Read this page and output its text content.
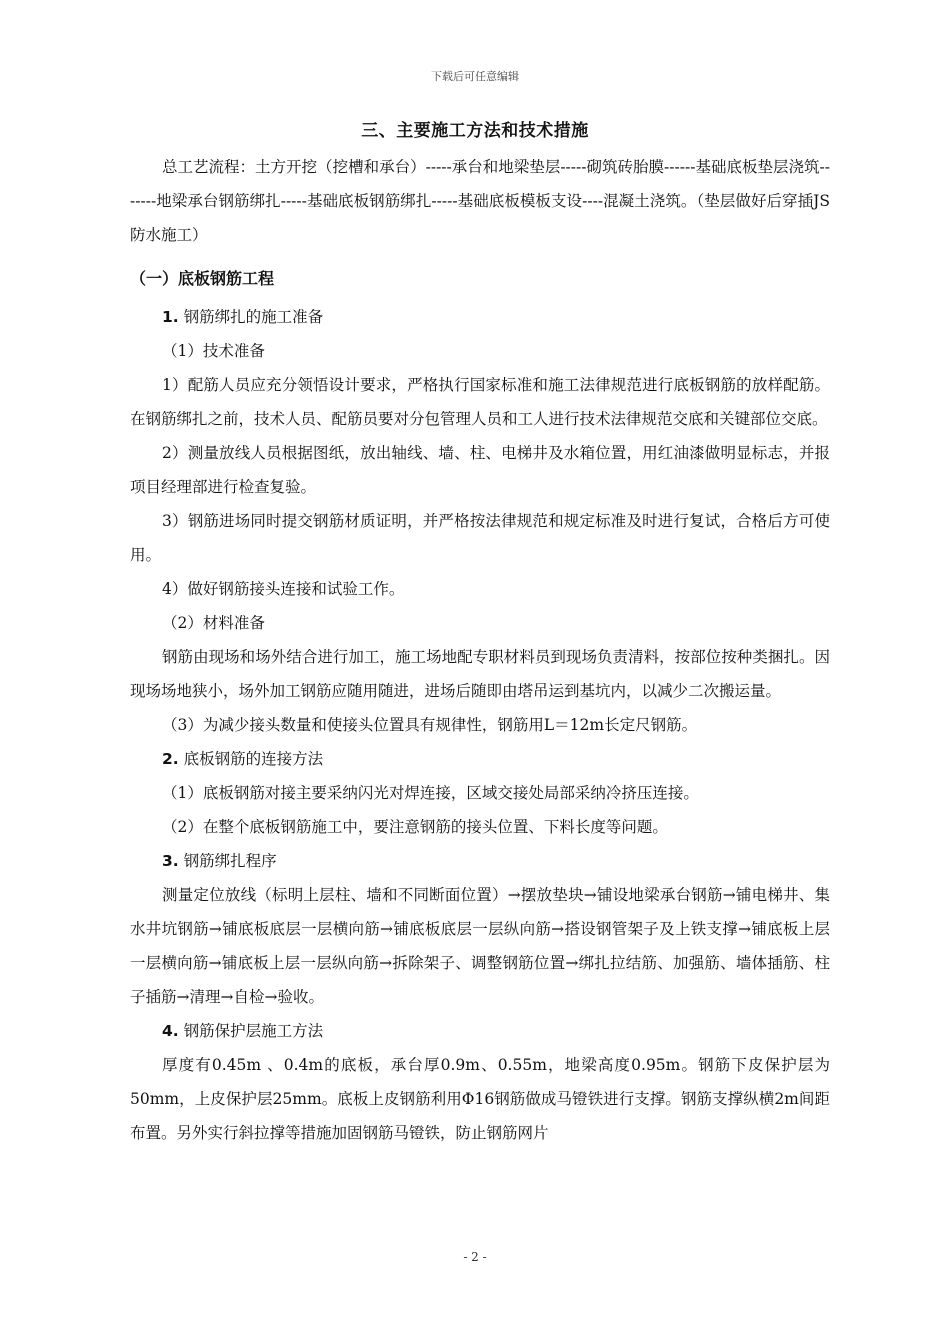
下载后可任意编辑
三、主要施工方法和技术措施

总工艺流程：土方开挖（挖槽和承台）-----承台和地梁垫层-----砌筑砖胎膜------基础底板垫层浇筑-------地梁承台钢筋绑扎-----基础底板钢筋绑扎-----基础底板模板支设----混凝土浇筑。（垫层做好后穿插JS防水施工）

（一）底板钢筋工程

1. 钢筋绑扎的施工准备

（1）技术准备

1）配筋人员应充分领悟设计要求，严格执行国家标准和施工法律规范进行底板钢筋的放样配筋。在钢筋绑扎之前，技术人员、配筋员要对分包管理人员和工人进行技术法律规范交底和关键部位交底。

2）测量放线人员根据图纸，放出轴线、墙、柱、电梯井及水箱位置，用红油漆做明显标志，并报项目经理部进行检查复验。

3）钢筋进场同时提交钢筋材质证明，并严格按法律规范和规定标准及时进行复试，合格后方可使用。

4）做好钢筋接头连接和试验工作。

（2）材料准备

钢筋由现场和场外结合进行加工，施工场地配专职材料员到现场负责清料，按部位按种类捆扎。因现场场地狭小，场外加工钢筋应随用随进，进场后随即由塔吊运到基坑内，以减少二次搬运量。

（3）为减少接头数量和使接头位置具有规律性，钢筋用L＝12m长定尺钢筋。

2. 底板钢筋的连接方法

（1）底板钢筋对接主要采纳闪光对焊连接，区域交接处局部采纳冷挤压连接。

（2）在整个底板钢筋施工中，要注意钢筋的接头位置、下料长度等问题。

3. 钢筋绑扎程序

测量定位放线（标明上层柱、墙和不同断面位置）→摆放垫块→铺设地梁承台钢筋→铺电梯井、集水井坑钢筋→铺底板底层一层横向筋→铺底板底层一层纵向筋→搭设钢管架子及上铁支撑→铺底板上层一层横向筋→铺底板上层一层纵向筋→拆除架子、调整钢筋位置→绑扎拉结筋、加强筋、墙体插筋、柱子插筋→清理→自检→验收。

4. 钢筋保护层施工方法

厚度有0.45m 、0.4m的底板，承台厚0.9m、0.55m，地梁高度0.95m。钢筋下皮保护层为50mm，上皮保护层25mm。底板上皮钢筋利用Φ16钢筋做成马镫铁进行支撑。钢筋支撑纵横2m间距布置。另外实行斜拉撑等措施加固钢筋马镫铁，防止钢筋网片

- 2 -
